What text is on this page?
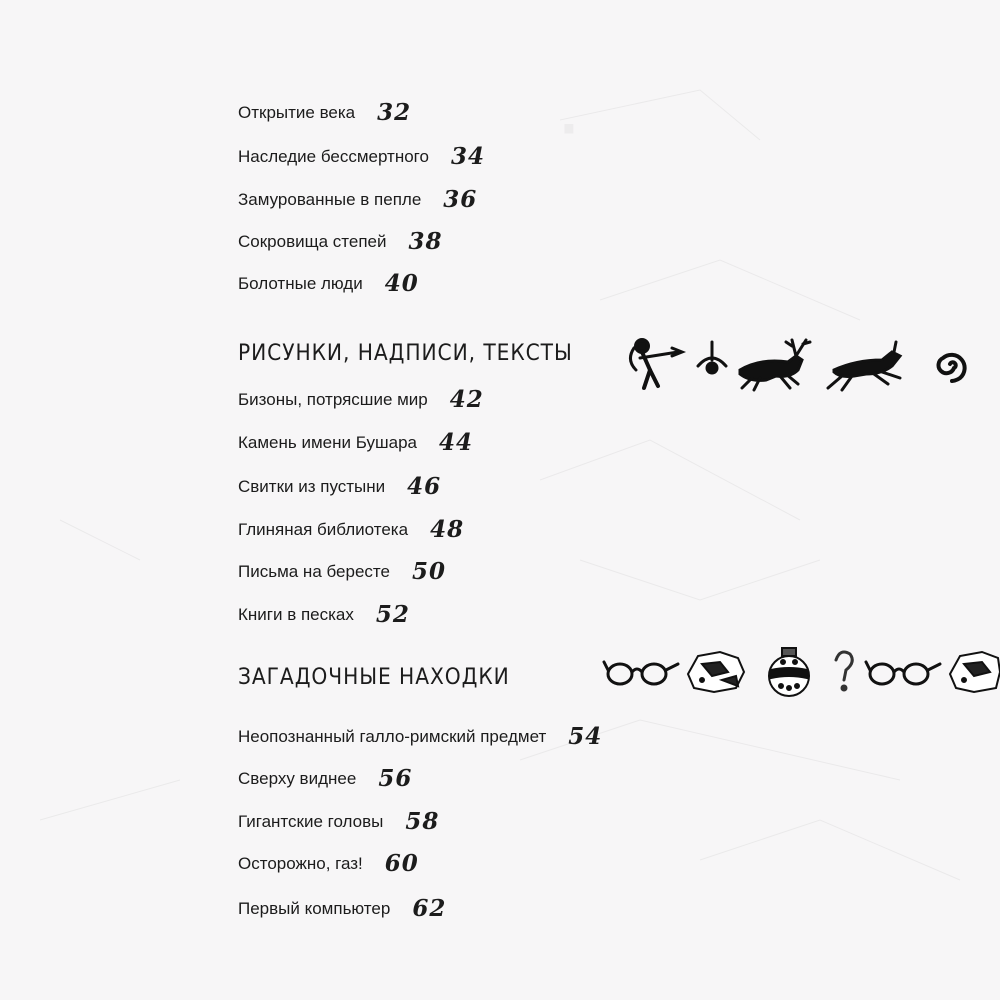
·
Открытие века 32
Наследие бессмертного 34
Замурованные в пепле 36
Сокровища степей 38
Болотные люди 40
РИСУНКИ, НАДПИСИ, ТЕКСТЫ
Бизоны, потрясшие мир 42
Камень имени Бушара 44
Свитки из пустыни 46
Глиняная библиотека 48
Письма на бересте 50
Книги в песках 52
ЗАГАДОЧНЫЕ НАХОДКИ
Неопознанный галло-римский предмет 54
Сверху виднее 56
Гигантские головы 58
Осторожно, газ! 60
Первый компьютер 62
